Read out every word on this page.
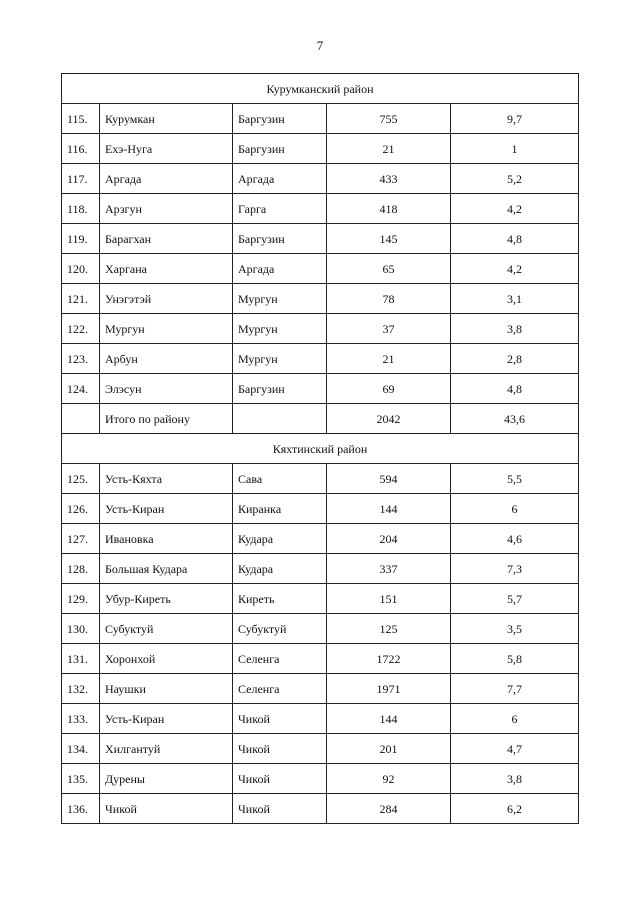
7
Курумканский район				
115.	Курумкан	Баргузин	755	9,7
116.	Ехэ-Нуга	Баргузин	21	1
117.	Аргада	Аргада	433	5,2
118.	Арзгун	Гарга	418	4,2
119.	Барагхан	Баргузин	145	4,8
120.	Харгана	Аргада	65	4,2
121.	Унэгэтэй	Мургун	78	3,1
122.	Мургун	Мургун	37	3,8
123.	Арбун	Мургун	21	2,8
124.	Элэсун	Баргузин	69	4,8
	Итого по району		2042	43,6
Кяхтинский район				
125.	Усть-Кяхта	Сава	594	5,5
126.	Усть-Киран	Киранка	144	6
127.	Ивановка	Кудара	204	4,6
128.	Большая Кудара	Кудара	337	7,3
129.	Убур-Киреть	Киреть	151	5,7
130.	Субуктуй	Субуктуй	125	3,5
131.	Хоронхой	Селенга	1722	5,8
132.	Наушки	Селенга	1971	7,7
133.	Усть-Киран	Чикой	144	6
134.	Хилгантуй	Чикой	201	4,7
135.	Дурены	Чикой	92	3,8
136.	Чикой	Чикой	284	6,2
